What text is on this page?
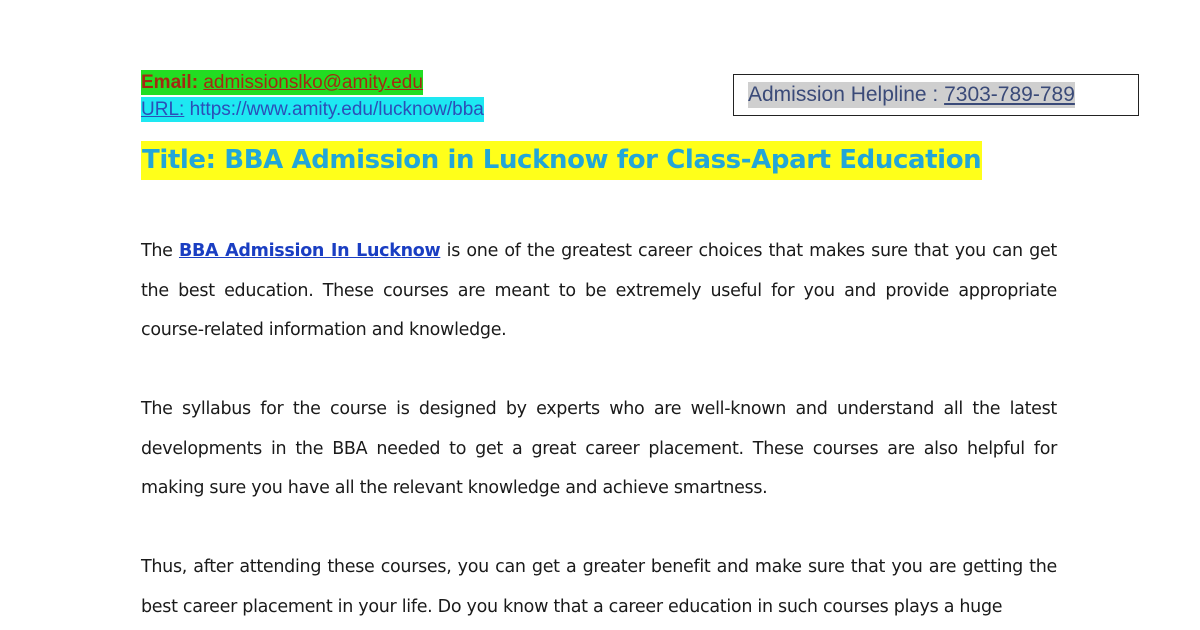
Email: admissionslko@amity.edu
URL: https://www.amity.edu/lucknow/bba
Admission Helpline : 7303-789-789
Title: BBA Admission in Lucknow for Class-Apart Education
The BBA Admission In Lucknow is one of the greatest career choices that makes sure that you can get the best education. These courses are meant to be extremely useful for you and provide appropriate course-related information and knowledge.
The syllabus for the course is designed by experts who are well-known and understand all the latest developments in the BBA needed to get a great career placement. These courses are also helpful for making sure you have all the relevant knowledge and achieve smartness.
Thus, after attending these courses, you can get a greater benefit and make sure that you are getting the best career placement in your life. Do you know that a career education in such courses plays a huge
